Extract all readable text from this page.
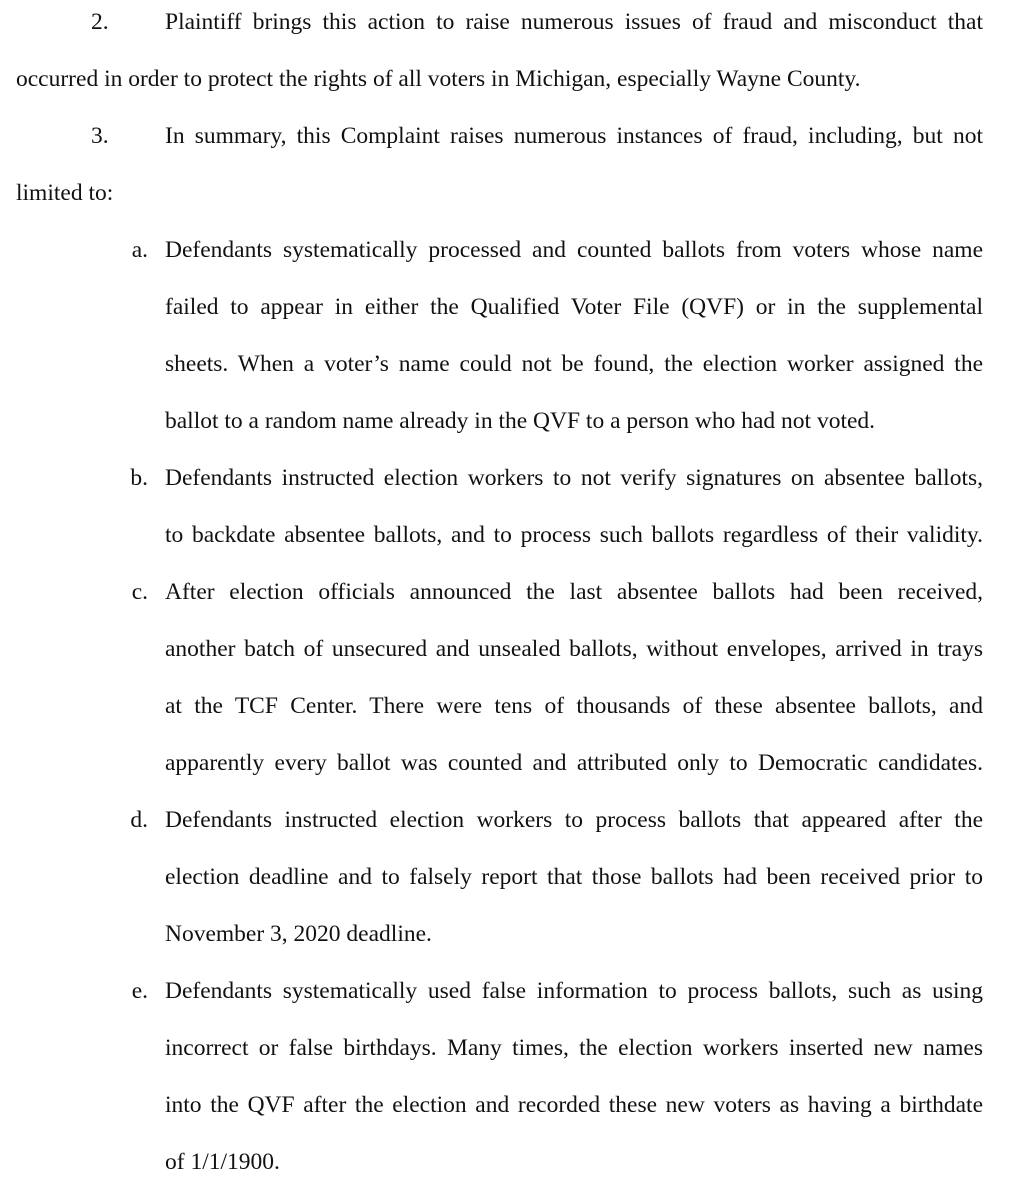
2.	Plaintiff brings this action to raise numerous issues of fraud and misconduct that
occurred in order to protect the rights of all voters in Michigan, especially Wayne County.
3.	In summary, this Complaint raises numerous instances of fraud, including, but not
limited to:
a. Defendants systematically processed and counted ballots from voters whose name
failed to appear in either the Qualified Voter File (QVF) or in the supplemental
sheets. When a voter’s name could not be found, the election worker assigned the
ballot to a random name already in the QVF to a person who had not voted.
b. Defendants instructed election workers to not verify signatures on absentee ballots,
to backdate absentee ballots, and to process such ballots regardless of their validity.
c. After election officials announced the last absentee ballots had been received,
another batch of unsecured and unsealed ballots, without envelopes, arrived in trays
at the TCF Center. There were tens of thousands of these absentee ballots, and
apparently every ballot was counted and attributed only to Democratic candidates.
d. Defendants instructed election workers to process ballots that appeared after the
election deadline and to falsely report that those ballots had been received prior to
November 3, 2020 deadline.
e. Defendants systematically used false information to process ballots, such as using
incorrect or false birthdays. Many times, the election workers inserted new names
into the QVF after the election and recorded these new voters as having a birthdate
of 1/1/1900.
